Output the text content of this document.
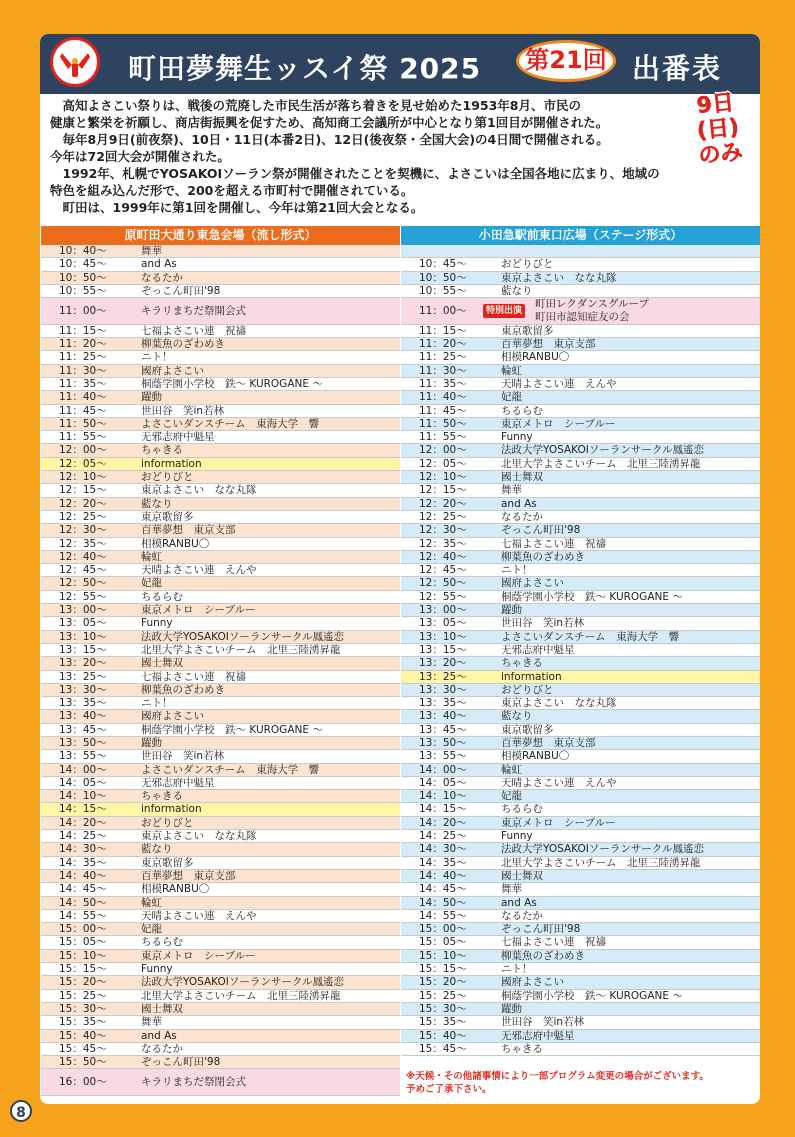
町田夢舞生ッスイ祭 2025	第21回 出番表
9日(日)
のみ

　高知よさこい祭りは、戦後の荒廃した市民生活が落ち着きを見せ始めた1953年8月、市民の

健康と繁栄を祈願し、商店街振興を促すため、高知商工会議所が中心となり第1回目が開催された。

　毎年8月9日(前夜祭)、10日・11日(本番2日)、12日(後夜祭・全国大会)の4日間で開催される。

今年は72回大会が開催された。

　1992年、札幌でYOSAKOIソーラン祭が開催されたことを契機に、よさこいは全国各地に広まり、地域の

特色を組み込んだ形で、200を超える市町村で開催されている。

　町田は、1999年に第1回を開催し、今年は第21回大会となる。

原町田大通り東急会場（流し形式）
10：40～	舞華
10：45～	and As
10：50～	なるたか
10：55～	ぞっこん町田'98
11：00～	キラリまちだ祭開会式
11：15～	七福よさこい連　祝禱
11：20～	柳葉魚のざわめき
11：25～	ニト！
11：30～	國府よさこい
11：35～	桐蔭学園小学校　鉄～ KUROGANE ～
11：40～	躍動
11：45～	世田谷　笑in若林
11：50～	よさこいダンスチーム　東海大学　響
11：55～	无邪志府中魁星
12：00～	ちゃきる
12：05～	information
12：10～	おどりびと
12：15～	東京よさこい　なな丸隊
12：20～	藍なり
12：25～	東京歌留多
12：30～	百華夢想　東京支部
12：35～	相模RANBU〇
12：40～	輪虹
12：45～	天晴よさこい連　えんや
12：50～	妃龍
12：55～	ちるらむ
13：00～	東京メトロ　シーブルー
13：05～	Funny
13：10～	法政大学YOSAKOIソーランサークル鳳遙恋
13：15～	北里大学よさこいチーム　北里三陸湧昇龍
13：20～	國士舞双
13：25～	七福よさこい連　祝禱
13：30～	柳葉魚のざわめき
13：35～	ニト！
13：40～	國府よさこい
13：45～	桐蔭学園小学校　鉄～ KUROGANE ～
13：50～	躍動
13：55～	世田谷　笑in若林
14：00～	よさこいダンスチーム　東海大学　響
14：05～	无邪志府中魁星
14：10～	ちゃきる
14：15～	information
14：20～	おどりびと
14：25～	東京よさこい　なな丸隊
14：30～	藍なり
14：35～	東京歌留多
14：40～	百華夢想　東京支部
14：45～	相模RANBU〇
14：50～	輪虹
14：55～	天晴よさこい連　えんや
15：00～	妃龍
15：05～	ちるらむ
15：10～	東京メトロ　シーブルー
15：15～	Funny
15：20～	法政大学YOSAKOIソーランサークル鳳遙恋
15：25～	北里大学よさこいチーム　北里三陸湧昇龍
15：30～	國士舞双
15：35～	舞華
15：40～	and As
15：45～	なるたか
15：50～	ぞっこん町田'98
16：00～	キラリまちだ祭閉会式
小田急駅前東口広場（ステージ形式）
10：45～	おどりびと
10：50～	東京よさこい　なな丸隊
10：55～	藍なり
11：00～	特別出演
町田レクダンスグループ
町田市認知症友の会
11：15～	東京歌留多
11：20～	百華夢想　東京支部
11：25～	相模RANBU〇
11：30～	輪虹
11：35～	天晴よさこい連　えんや
11：40～	妃龍
11：45～	ちるらむ
11：50～	東京メトロ　シーブルー
11：55～	Funny
12：00～	法政大学YOSAKOIソーランサークル鳳遙恋
12：05～	北里大学よさこいチーム　北里三陸湧昇龍
12：10～	國士舞双
12：15～	舞華
12：20～	and As
12：25～	なるたか
12：30～	ぞっこん町田'98
12：35～	七福よさこい連　祝禱
12：40～	柳葉魚のざわめき
12：45～	ニト！
12：50～	國府よさこい
12：55～	桐蔭学園小学校　鉄～ KUROGANE ～
13：00～	躍動
13：05～	世田谷　笑in若林
13：10～	よさこいダンスチーム　東海大学　響
13：15～	无邪志府中魁星
13：20～	ちゃきる
13：25～	information
13：30～	おどりびと
13：35～	東京よさこい　なな丸隊
13：40～	藍なり
13：45～	東京歌留多
13：50～	百華夢想　東京支部
13：55～	相模RANBU〇
14：00～	輪虹
14：05～	天晴よさこい連　えんや
14：10～	妃龍
14：15～	ちるらむ
14：20～	東京メトロ　シーブルー
14：25～	Funny
14：30～	法政大学YOSAKOIソーランサークル鳳遙恋
14：35～	北里大学よさこいチーム　北里三陸湧昇龍
14：40～	國士舞双
14：45～	舞華
14：50～	and As
14：55～	なるたか
15：00～	ぞっこん町田'98
15：05～	七福よさこい連　祝禱
15：10～	柳葉魚のざわめき
15：15～	ニト！
15：20～	國府よさこい
15：25～	桐蔭学園小学校　鉄～ KUROGANE ～
15：30～	躍動
15：35～	世田谷　笑in若林
15：40～	无邪志府中魁星
15：45～	ちゃきる

※天候・その他諸事情により一部プログラム変更の場合がございます。

予めご了承下さい。

8
